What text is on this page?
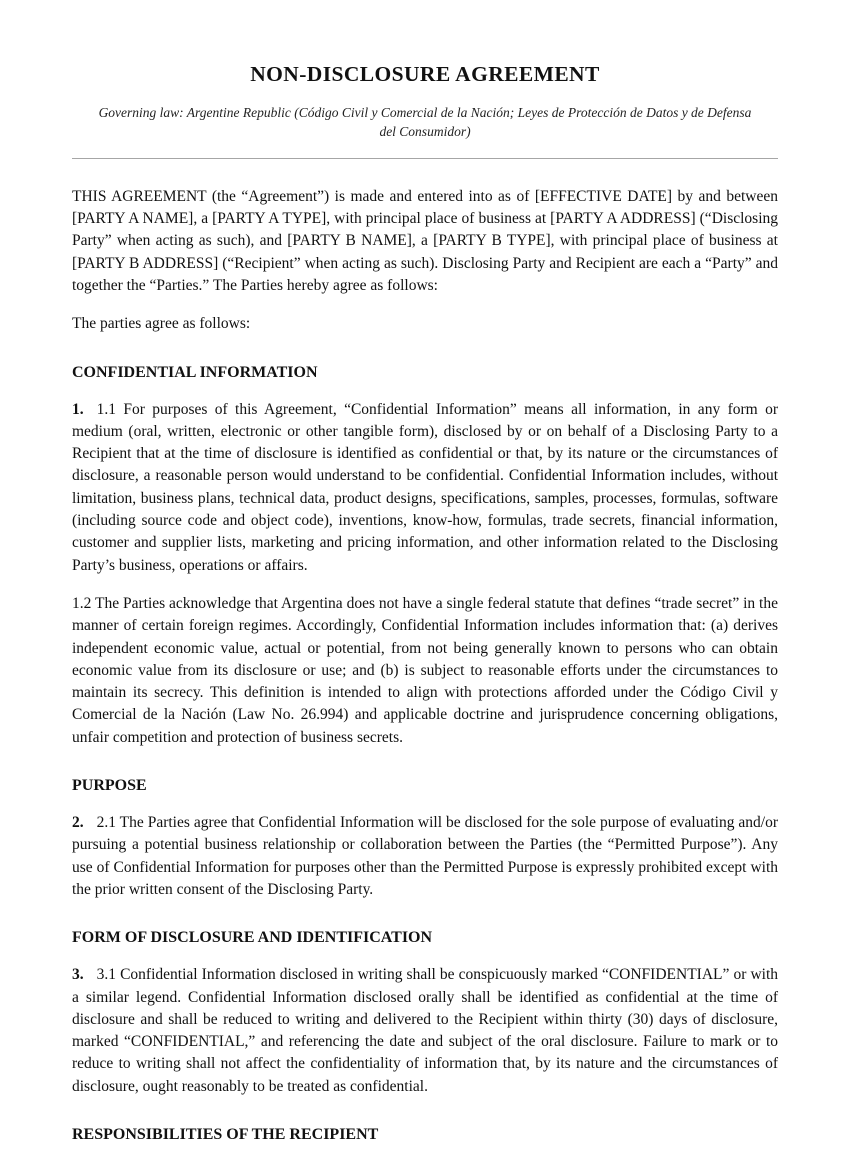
NON-DISCLOSURE AGREEMENT

Governing law: Argentine Republic (Código Civil y Comercial de la Nación; Leyes de Protección de Datos y de Defensa del Consumidor)

THIS AGREEMENT (the “Agreement”) is made and entered into as of [EFFECTIVE DATE] by and between [PARTY A NAME], a [PARTY A TYPE], with principal place of business at [PARTY A ADDRESS] (“Disclosing Party” when acting as such), and [PARTY B NAME], a [PARTY B TYPE], with principal place of business at [PARTY B ADDRESS] (“Recipient” when acting as such). Disclosing Party and Recipient are each a “Party” and together the “Parties.” The Parties hereby agree as follows:

The parties agree as follows:

CONFIDENTIAL INFORMATION

1. 1.1 For purposes of this Agreement, “Confidential Information” means all information, in any form or medium (oral, written, electronic or other tangible form), disclosed by or on behalf of a Disclosing Party to a Recipient that at the time of disclosure is identified as confidential or that, by its nature or the circumstances of disclosure, a reasonable person would understand to be confidential. Confidential Information includes, without limitation, business plans, technical data, product designs, specifications, samples, processes, formulas, software (including source code and object code), inventions, know-how, formulas, trade secrets, financial information, customer and supplier lists, marketing and pricing information, and other information related to the Disclosing Party’s business, operations or affairs.

1.2 The Parties acknowledge that Argentina does not have a single federal statute that defines “trade secret” in the manner of certain foreign regimes. Accordingly, Confidential Information includes information that: (a) derives independent economic value, actual or potential, from not being generally known to persons who can obtain economic value from its disclosure or use; and (b) is subject to reasonable efforts under the circumstances to maintain its secrecy. This definition is intended to align with protections afforded under the Código Civil y Comercial de la Nación (Law No. 26.994) and applicable doctrine and jurisprudence concerning obligations, unfair competition and protection of business secrets.

PURPOSE

2. 2.1 The Parties agree that Confidential Information will be disclosed for the sole purpose of evaluating and/or pursuing a potential business relationship or collaboration between the Parties (the “Permitted Purpose”). Any use of Confidential Information for purposes other than the Permitted Purpose is expressly prohibited except with the prior written consent of the Disclosing Party.

FORM OF DISCLOSURE AND IDENTIFICATION

3. 3.1 Confidential Information disclosed in writing shall be conspicuously marked “CONFIDENTIAL” or with a similar legend. Confidential Information disclosed orally shall be identified as confidential at the time of disclosure and shall be reduced to writing and delivered to the Recipient within thirty (30) days of disclosure, marked “CONFIDENTIAL,” and referencing the date and subject of the oral disclosure. Failure to mark or to reduce to writing shall not affect the confidentiality of information that, by its nature and the circumstances of disclosure, ought reasonably to be treated as confidential.

RESPONSIBILITIES OF THE RECIPIENT
